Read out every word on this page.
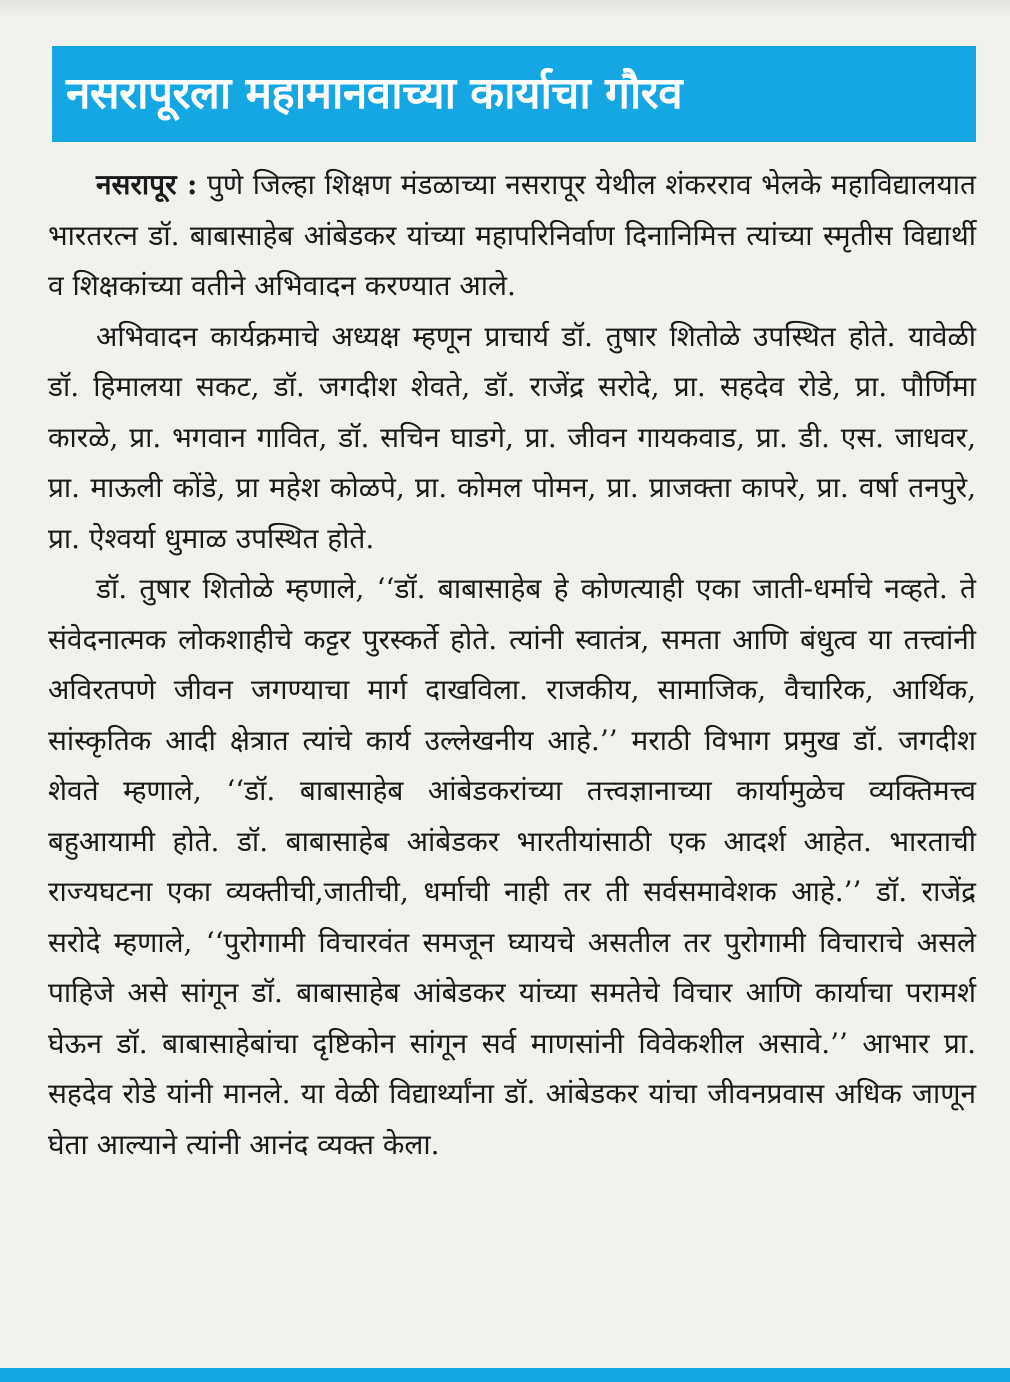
नसरापूरला महामानवाच्या कार्याचा गौरव

नसरापूर : पुणे जिल्हा शिक्षण मंडळाच्या नसरापूर येथील शंकरराव भेलके महाविद्यालयात भारतरत्न डॉ. बाबासाहेब आंबेडकर यांच्या महापरिनिर्वाण दिनानिमित्त त्यांच्या स्मृतीस विद्यार्थी व शिक्षकांच्या वतीने अभिवादन करण्यात आले.

अभिवादन कार्यक्रमाचे अध्यक्ष म्हणून प्राचार्य डॉ. तुषार शितोळे उपस्थित होते. यावेळी डॉ. हिमालया सकट, डॉ. जगदीश शेवते, डॉ. राजेंद्र सरोदे, प्रा. सहदेव रोडे, प्रा. पौर्णिमा कारळे, प्रा. भगवान गावित, डॉ. सचिन घाडगे, प्रा. जीवन गायकवाड, प्रा. डी. एस. जाधवर, प्रा. माऊली कोंडे, प्रा महेश कोळपे, प्रा. कोमल पोमन, प्रा. प्राजक्ता कापरे, प्रा. वर्षा तनपुरे, प्रा. ऐश्वर्या धुमाळ उपस्थित होते.

डॉ. तुषार शितोळे म्हणाले, ‘‘डॉ. बाबासाहेब हे कोणत्याही एका जाती-धर्माचे नव्हते. ते संवेदनात्मक लोकशाहीचे कट्टर पुरस्कर्ते होते. त्यांनी स्वातंत्र, समता आणि बंधुत्व या तत्त्वांनी अविरतपणे जीवन जगण्याचा मार्ग दाखविला. राजकीय, सामाजिक, वैचारिक, आर्थिक, सांस्कृतिक आदी क्षेत्रात त्यांचे कार्य उल्लेखनीय आहे.’’ मराठी विभाग प्रमुख डॉ. जगदीश शेवते म्हणाले, ‘‘डॉ. बाबासाहेब आंबेडकरांच्या तत्त्वज्ञानाच्या कार्यामुळेच व्यक्तिमत्त्व बहुआयामी होते. डॉ. बाबासाहेब आंबेडकर भारतीयांसाठी एक आदर्श आहेत. भारताची राज्यघटना एका व्यक्तीची,जातीची, धर्माची नाही तर ती सर्वसमावेशक आहे.’’ डॉ. राजेंद्र सरोदे म्हणाले, ‘‘पुरोगामी विचारवंत समजून घ्यायचे असतील तर पुरोगामी विचाराचे असले पाहिजे असे सांगून डॉ. बाबासाहेब आंबेडकर यांच्या समतेचे विचार आणि कार्याचा परामर्श घेऊन डॉ. बाबासाहेबांचा दृष्टिकोन सांगून सर्व माणसांनी विवेकशील असावे.’’ आभार प्रा. सहदेव रोडे यांनी मानले. या वेळी विद्यार्थ्यांना डॉ. आंबेडकर यांचा जीवनप्रवास अधिक जाणून घेता आल्याने त्यांनी आनंद व्यक्त केला.
